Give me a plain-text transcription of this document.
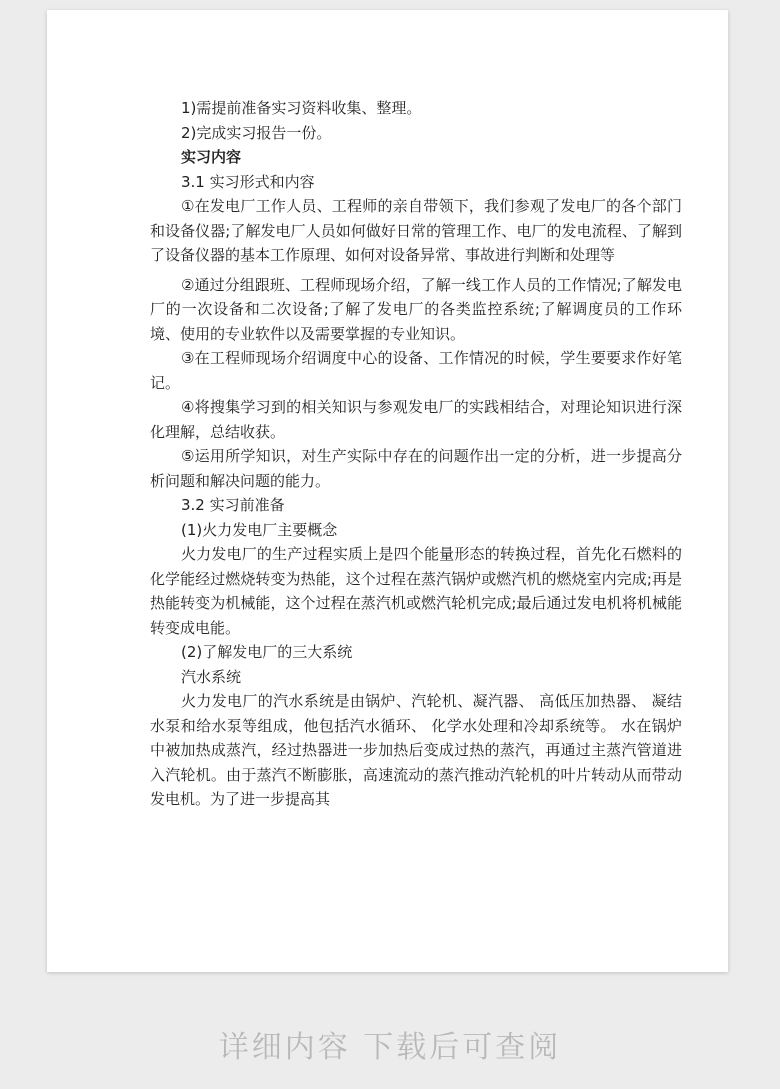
1)需提前准备实习资料收集、整理。

2)完成实习报告一份。

实习内容

3.1 实习形式和内容

①在发电厂工作人员、工程师的亲自带领下，我们参观了发电厂的各个部门和设备仪器;了解发电厂人员如何做好日常的管理工作、电厂的发电流程、了解到了设备仪器的基本工作原理、如何对设备异常、事故进行判断和处理等

②通过分组跟班、工程师现场介绍，了解一线工作人员的工作情况;了解发电厂的一次设备和二次设备;了解了发电厂的各类监控系统;了解调度员的工作环境、使用的专业软件以及需要掌握的专业知识。

③在工程师现场介绍调度中心的设备、工作情况的时候，学生要要求作好笔记。

④将搜集学习到的相关知识与参观发电厂的实践相结合，对理论知识进行深化理解，总结收获。

⑤运用所学知识，对生产实际中存在的问题作出一定的分析，进一步提高分析问题和解决问题的能力。

3.2 实习前准备

(1)火力发电厂主要概念

火力发电厂的生产过程实质上是四个能量形态的转换过程，首先化石燃料的化学能经过燃烧转变为热能，这个过程在蒸汽锅炉或燃汽机的燃烧室内完成;再是热能转变为机械能，这个过程在蒸汽机或燃汽轮机完成;最后通过发电机将机械能转变成电能。

(2)了解发电厂的三大系统

汽水系统

火力发电厂的汽水系统是由锅炉、汽轮机、凝汽器、 高低压加热器、 凝结水泵和给水泵等组成，他包括汽水循环、 化学水处理和冷却系统等。 水在锅炉中被加热成蒸汽，经过热器进一步加热后变成过热的蒸汽，再通过主蒸汽管道进入汽轮机。由于蒸汽不断膨胀，高速流动的蒸汽推动汽轮机的叶片转动从而带动发电机。为了进一步提高其

详细内容 下载后可查阅
